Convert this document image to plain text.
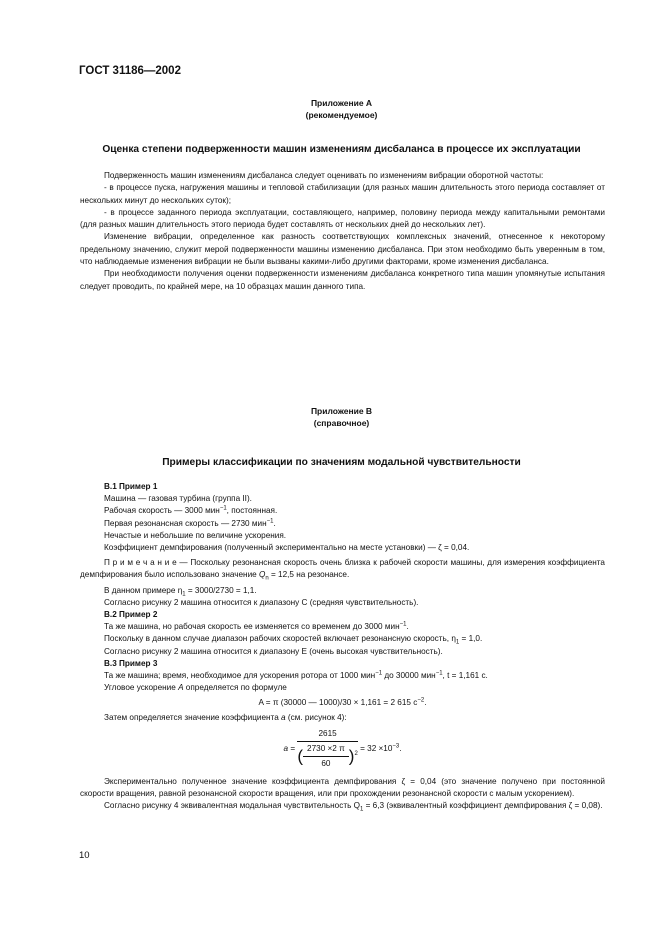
ГОСТ 31186—2002
Приложение А
(рекомендуемое)
Оценка степени подверженности машин изменениям дисбаланса в процессе их эксплуатации

Подверженность машин изменениям дисбаланса следует оценивать по изменениям вибрации оборотной частоты:

- в процессе пуска, нагружения машины и тепловой стабилизации (для разных машин длительность этого периода составляет от нескольких минут до нескольких суток);

- в процессе заданного периода эксплуатации, составляющего, например, половину периода между капитальными ремонтами (для разных машин длительность этого периода будет составлять от нескольких дней до нескольких лет).

Изменение вибрации, определенное как разность соответствующих комплексных значений, отнесенное к некоторому предельному значению, служит мерой подверженности машины изменению дисбаланса. При этом необходимо быть уверенным в том, что наблюдаемые изменения вибрации не были вызваны какими-либо другими факторами, кроме изменения дисбаланса.

При необходимости получения оценки подверженности изменениям дисбаланса конкретного типа машин упомянутые испытания следует проводить, по крайней мере, на 10 образцах машин данного типа.

Приложение В
(справочное)
Примеры классификации по значениям модальной чувствительности
В.1 Пример 1
Машина — газовая турбина (группа II).
Рабочая скорость — 3000 мин$^{-1}$, постоянная.
Первая резонансная скорость — 2730 мин$^{-1}$.
Нечастые и небольшие по величине ускорения.
Коэффициент демпфирования (полученный экспериментально на месте установки) — ζ = 0,04.
П р и м е ч а н и е — Поскольку резонансная скорость очень близка к рабочей скорости машины, для измерения коэффициента демпфирования было использовано значение $Q_n = 12,5$ на резонансе.
В данном примере $\eta_1 = 3000/2730 = 1,1$.
Согласно рисунку 2 машина относится к диапазону С (средняя чувствительность).
В.2 Пример 2
Та же машина, но рабочая скорость ее изменяется со временем до 3000 мин$^{-1}$.
Поскольку в данном случае диапазон рабочих скоростей включает резонансную скорость, $\eta_1 = 1,0$.
Согласно рисунку 2 машина относится к диапазону Е (очень высокая чувствительность).
В.3 Пример 3
Та же машина; время, необходимое для ускорения ротора от 1000 мин$^{-1}$ до 30000 мин$^{-1}$, t = 1,161 с.
Угловое ускорение A определяется по формуле
A = π (30000 — 1000)/30 × 1,161 = 2 615 $с^{-2}$.
Затем определяется значение коэффициента a (см. рисунок 4):
$a = \frac{2615}{( \frac{2730 \times 2 \pi}{60} )^2} = 32 \times 10^{-3}$.
Экспериментально полученное значение коэффициента демпфирования ζ = 0,04 (это значение получено при постоянной скорости вращения, равной резонансной скорости вращения, или при прохождении резонансной скорости с малым ускорением).
Согласно рисунку 4 эквивалентная модальная чувствительность $Q_1 = 6,3$ (эквивалентный коэффициент демпфирования ζ = 0,08).
10
